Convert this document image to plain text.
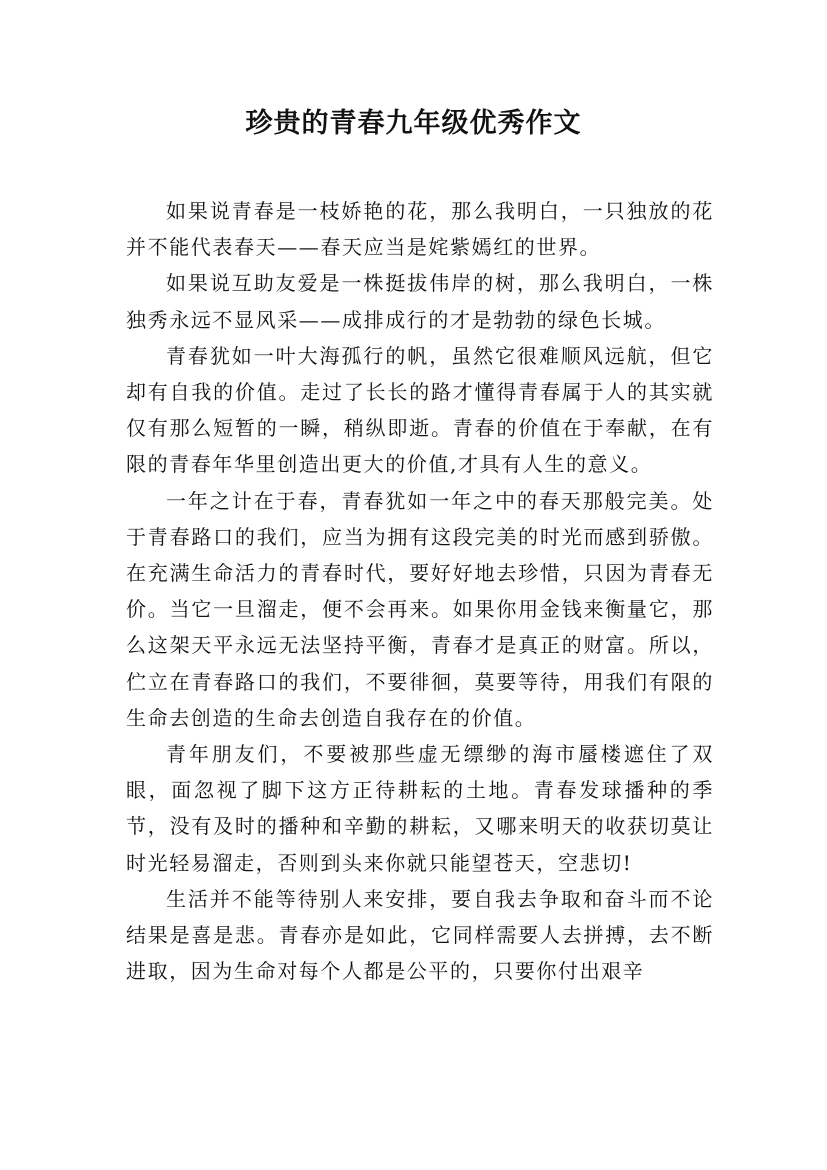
珍贵的青春九年级优秀作文

如果说青春是一枝娇艳的花，那么我明白，一只独放的花并不能代表春天——春天应当是姹紫嫣红的世界。

如果说互助友爱是一株挺拔伟岸的树，那么我明白，一株独秀永远不显风采——成排成行的才是勃勃的绿色长城。

青春犹如一叶大海孤行的帆，虽然它很难顺风远航，但它却有自我的价值。走过了长长的路才懂得青春属于人的其实就仅有那么短暂的一瞬，稍纵即逝。青春的价值在于奉献，在有限的青春年华里创造出更大的价值,才具有人生的意义。

一年之计在于春，青春犹如一年之中的春天那般完美。处于青春路口的我们，应当为拥有这段完美的时光而感到骄傲。在充满生命活力的青春时代，要好好地去珍惜，只因为青春无价。当它一旦溜走，便不会再来。如果你用金钱来衡量它，那么这架天平永远无法坚持平衡，青春才是真正的财富。所以，伫立在青春路口的我们，不要徘徊，莫要等待，用我们有限的生命去创造的生命去创造自我存在的价值。

青年朋友们，不要被那些虚无缥缈的海市蜃楼遮住了双眼，面忽视了脚下这方正待耕耘的土地。青春发球播种的季节，没有及时的播种和辛勤的耕耘，又哪来明天的收获切莫让时光轻易溜走，否则到头来你就只能望苍天，空悲切!

生活并不能等待别人来安排，要自我去争取和奋斗而不论结果是喜是悲。青春亦是如此，它同样需要人去拼搏，去不断进取，因为生命对每个人都是公平的，只要你付出艰辛
